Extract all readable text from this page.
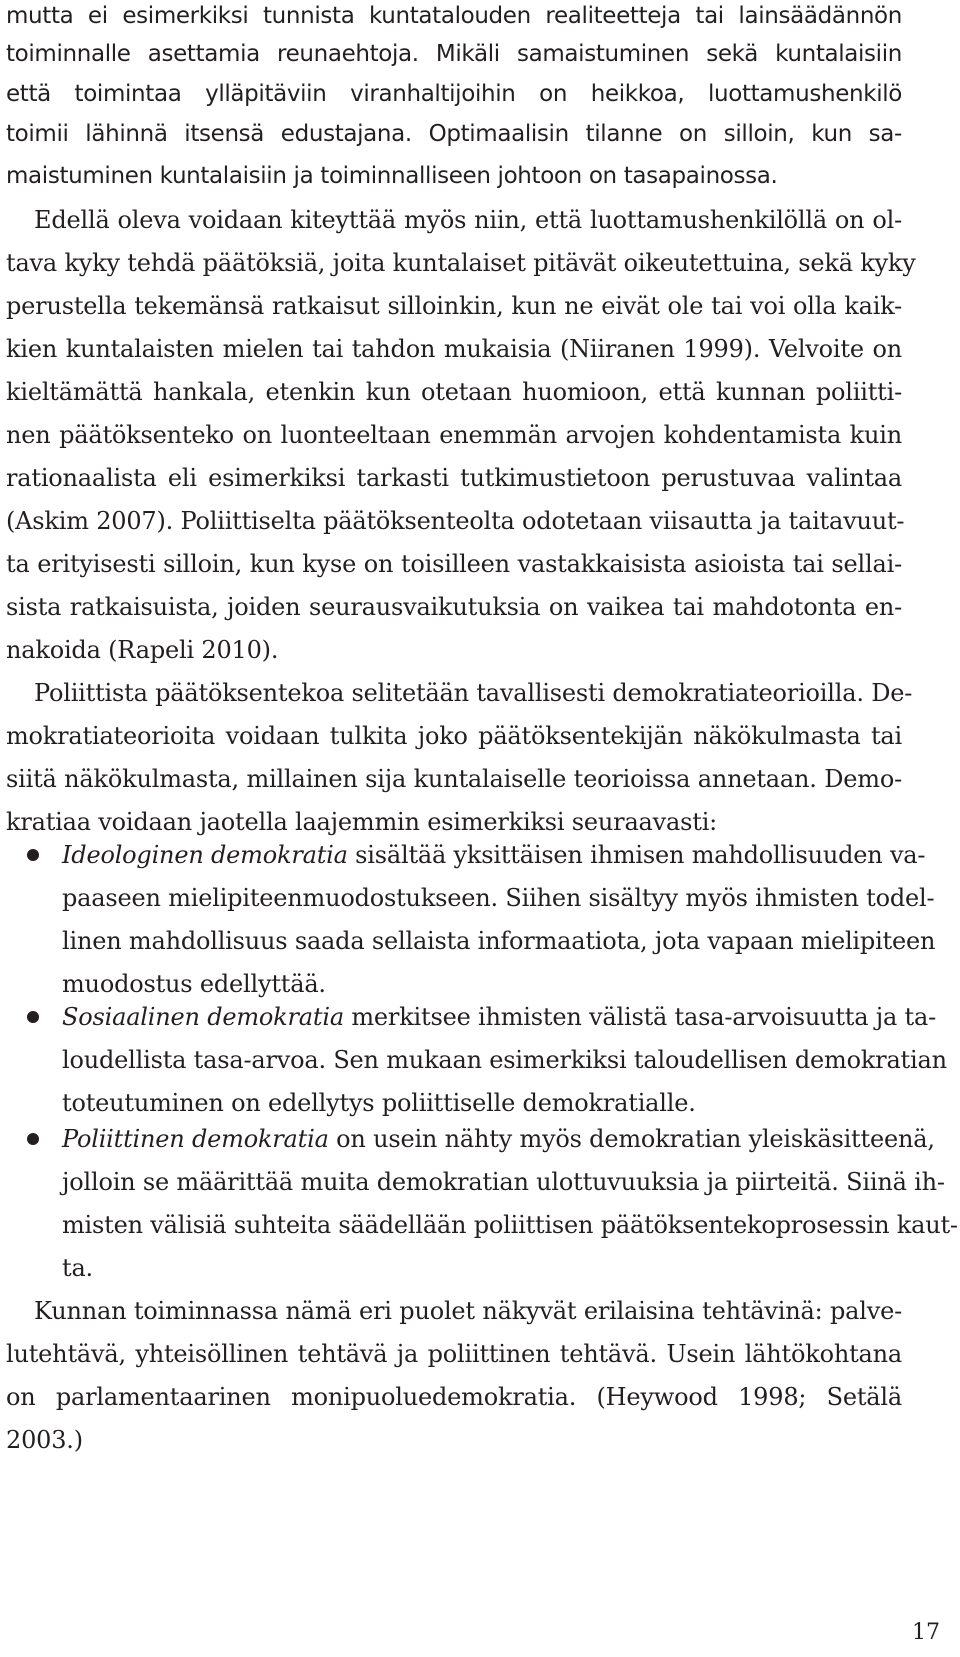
mutta ei esimerkiksi tunnista kuntatalouden realiteetteja tai lainsäädännön
toiminnalle asettamia reunaehtoja. Mikäli samaistuminen sekä kuntalaisiin
että toimintaa ylläpitäviin viranhaltijoihin on heikkoa, luottamushenkilö
toimii lähinnä itsensä edustajana. Optimaalisin tilanne on silloin, kun sa-
maistuminen kuntalaisiin ja toiminnalliseen johtoon on tasapainossa.
Edellä oleva voidaan kiteyttää myös niin, että luottamushenkilöllä on ol-
tava kyky tehdä päätöksiä, joita kuntalaiset pitävät oikeutettuina, sekä kyky
perustella tekemänsä ratkaisut silloinkin, kun ne eivät ole tai voi olla kaik-
kien kuntalaisten mielen tai tahdon mukaisia (Niiranen 1999). Velvoite on
kieltämättä hankala, etenkin kun otetaan huomioon, että kunnan poliitti-
nen päätöksenteko on luonteeltaan enemmän arvojen kohdentamista kuin
rationaalista eli esimerkiksi tarkasti tutkimustietoon perustuvaa valintaa
(Askim 2007). Poliittiselta päätöksenteolta odotetaan viisautta ja taitavuut-
ta erityisesti silloin, kun kyse on toisilleen vastakkaisista asioista tai sellai-
sista ratkaisuista, joiden seurausvaikutuksia on vaikea tai mahdotonta en-
nakoida (Rapeli 2010).
Poliittista päätöksentekoa selitetään tavallisesti demokratiateorioilla. De-
mokratiateorioita voidaan tulkita joko päätöksentekijän näkökulmasta tai
siitä näkökulmasta, millainen sija kuntalaiselle teorioissa annetaan. Demo-
kratiaa voidaan jaotella laajemmin esimerkiksi seuraavasti:
Ideologinen demokratia sisältää yksittäisen ihmisen mahdollisuuden va-
paaseen mielipiteenmuodostukseen. Siihen sisältyy myös ihmisten todel-
linen mahdollisuus saada sellaista informaatiota, jota vapaan mielipiteen
muodostus edellyttää.
Sosiaalinen demokratia merkitsee ihmisten välistä tasa-arvoisuutta ja ta-
loudellista tasa-arvoa. Sen mukaan esimerkiksi taloudellisen demokratian
toteutuminen on edellytys poliittiselle demokratialle.
Poliittinen demokratia on usein nähty myös demokratian yleiskäsitteenä,
jolloin se määrittää muita demokratian ulottuvuuksia ja piirteitä. Siinä ih-
misten välisiä suhteita säädellään poliittisen päätöksentekoprosessin kaut-
ta.
Kunnan toiminnassa nämä eri puolet näkyvät erilaisina tehtävinä: palve-
lutehtävä, yhteisöllinen tehtävä ja poliittinen tehtävä. Usein lähtökohtana
on parlamentaarinen monipuoluedemokratia. (Heywood 1998; Setälä
2003.)
17
